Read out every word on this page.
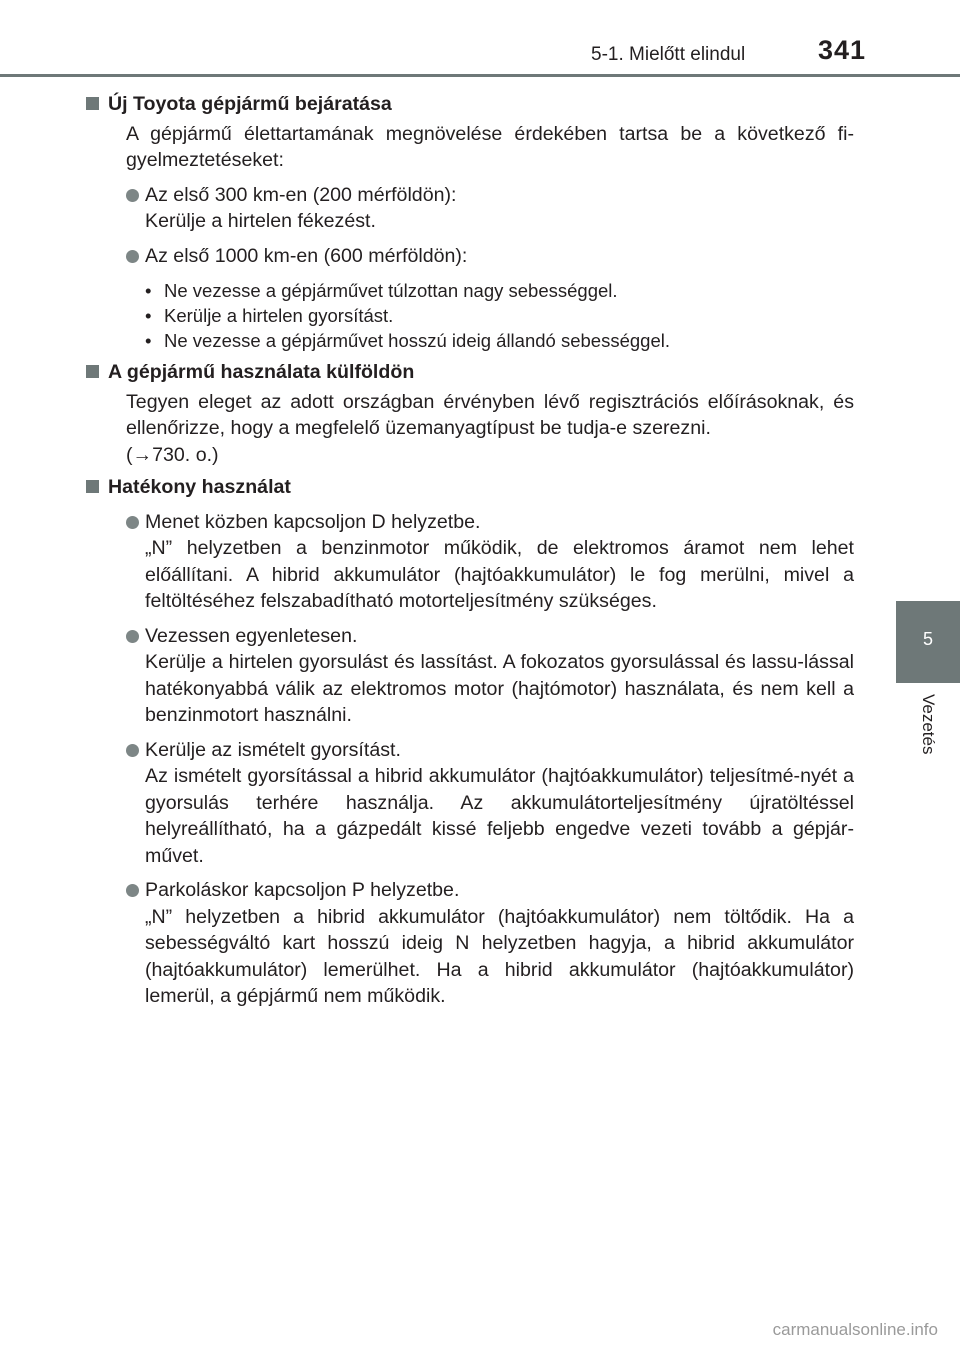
5-1. Mielőtt elindul	341
5
Vezetés
Új Toyota gépjármű bejáratása
A gépjármű élettartamának megnövelése érdekében tartsa be a következő fi-gyelmeztetéseket:
Az első 300 km-en (200 mérföldön):
Kerülje a hirtelen fékezést.
Az első 1000 km-en (600 mérföldön):
• Ne vezesse a gépjárművet túlzottan nagy sebességgel.
• Kerülje a hirtelen gyorsítást.
• Ne vezesse a gépjárművet hosszú ideig állandó sebességgel.
A gépjármű használata külföldön
Tegyen eleget az adott országban érvényben lévő regisztrációs előírásoknak, és ellenőrizze, hogy a megfelelő üzemanyagtípust be tudja-e szerezni.
(→730. o.)
Hatékony használat
Menet közben kapcsoljon D helyzetbe.
„N” helyzetben a benzinmotor működik, de elektromos áramot nem lehet előállítani. A hibrid akkumulátor (hajtóakkumulátor) le fog merülni, mivel a feltöltéséhez felszabadítható motorteljesítmény szükséges.
Vezessen egyenletesen.
Kerülje a hirtelen gyorsulást és lassítást. A fokozatos gyorsulással és lassu-lással hatékonyabbá válik az elektromos motor (hajtómotor) használata, és nem kell a benzinmotort használni.
Kerülje az ismételt gyorsítást.
Az ismételt gyorsítással a hibrid akkumulátor (hajtóakkumulátor) teljesítmé-nyét a gyorsulás terhére használja. Az akkumulátorteljesítmény újratöltéssel helyreállítható, ha a gázpedált kissé feljebb engedve vezeti tovább a gépjár-művet.
Parkoláskor kapcsoljon P helyzetbe.
„N” helyzetben a hibrid akkumulátor (hajtóakkumulátor) nem töltődik. Ha a sebességváltó kart hosszú ideig N helyzetben hagyja, a hibrid akkumulátor (hajtóakkumulátor) lemerülhet. Ha a hibrid akkumulátor (hajtóakkumulátor) lemerül, a gépjármű nem működik.
carmanualsonline.info
